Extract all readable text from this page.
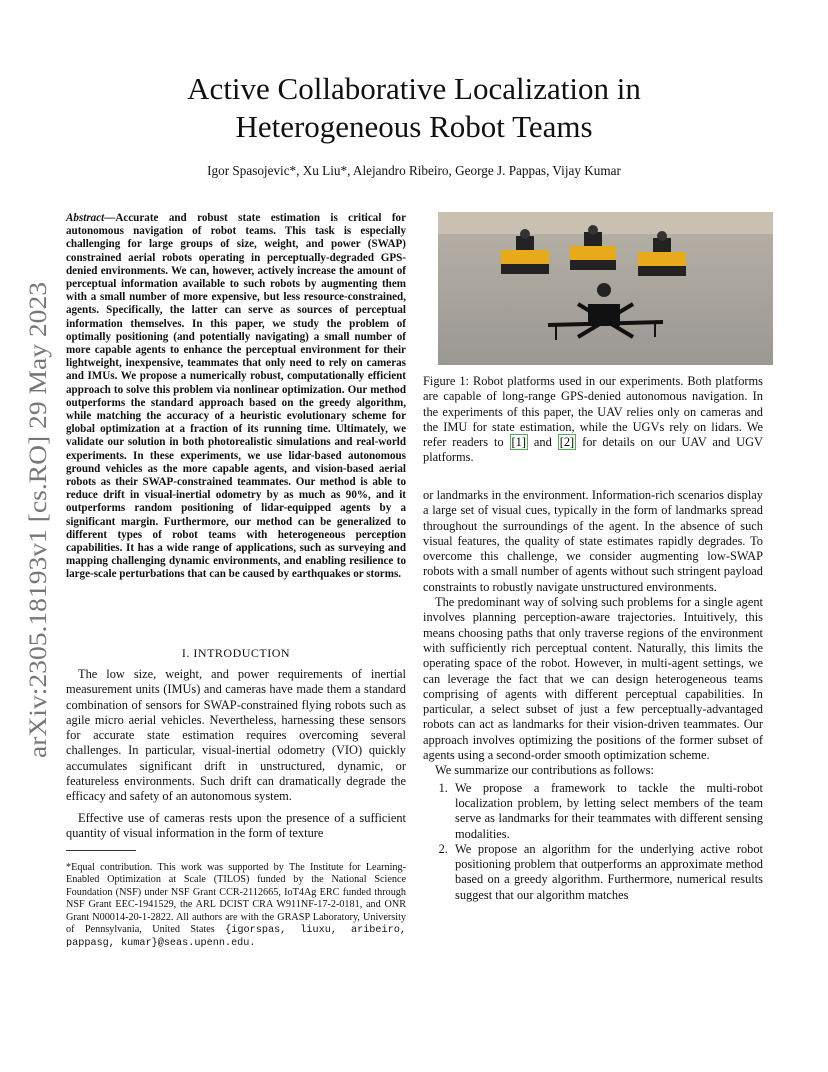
Active Collaborative Localization in Heterogeneous Robot Teams
Igor Spasojevic*, Xu Liu*, Alejandro Ribeiro, George J. Pappas, Vijay Kumar
arXiv:2305.18193v1 [cs.RO] 29 May 2023
Abstract—Accurate and robust state estimation is critical for autonomous navigation of robot teams. This task is especially challenging for large groups of size, weight, and power (SWAP) constrained aerial robots operating in perceptually-degraded GPS-denied environments. We can, however, actively increase the amount of perceptual information available to such robots by augmenting them with a small number of more expensive, but less resource-constrained, agents. Specifically, the latter can serve as sources of perceptual information themselves. In this paper, we study the problem of optimally positioning (and potentially navigating) a small number of more capable agents to enhance the perceptual environment for their lightweight, inexpensive, teammates that only need to rely on cameras and IMUs. We propose a numerically robust, computationally efficient approach to solve this problem via nonlinear optimization. Our method outperforms the standard approach based on the greedy algorithm, while matching the accuracy of a heuristic evolutionary scheme for global optimization at a fraction of its running time. Ultimately, we validate our solution in both photorealistic simulations and real-world experiments. In these experiments, we use lidar-based autonomous ground vehicles as the more capable agents, and vision-based aerial robots as their SWAP-constrained teammates. Our method is able to reduce drift in visual-inertial odometry by as much as 90%, and it outperforms random positioning of lidar-equipped agents by a significant margin. Furthermore, our method can be generalized to different types of robot teams with heterogeneous perception capabilities. It has a wide range of applications, such as surveying and mapping challenging dynamic environments, and enabling resilience to large-scale perturbations that can be caused by earthquakes or storms.
I. INTRODUCTION

The low size, weight, and power requirements of inertial measurement units (IMUs) and cameras have made them a standard combination of sensors for SWAP-constrained flying robots such as agile micro aerial vehicles. Nevertheless, harnessing these sensors for accurate state estimation requires overcoming several challenges. In particular, visual-inertial odometry (VIO) quickly accumulates significant drift in unstructured, dynamic, or featureless environments. Such drift can dramatically degrade the efficacy and safety of an autonomous system.

Effective use of cameras rests upon the presence of a sufficient quantity of visual information in the form of texture

*Equal contribution. This work was supported by The Institute for Learning-Enabled Optimization at Scale (TILOS) funded by the National Science Foundation (NSF) under NSF Grant CCR-2112665, IoT4Ag ERC funded through NSF Grant EEC-1941529, the ARL DCIST CRA W911NF-17-2-0181, and ONR Grant N00014-20-1-2822. All authors are with the GRASP Laboratory, University of Pennsylvania, United States {igorspas, liuxu, aribeiro, pappasg, kumar}@seas.upenn.edu.
Figure 1: Robot platforms used in our experiments. Both platforms are capable of long-range GPS-denied autonomous navigation. In the experiments of this paper, the UAV relies only on cameras and the IMU for state estimation, while the UGVs rely on lidars. We refer readers to [1] and [2] for details on our UAV and UGV platforms.

or landmarks in the environment. Information-rich scenarios display a large set of visual cues, typically in the form of landmarks spread throughout the surroundings of the agent. In the absence of such visual features, the quality of state estimates rapidly degrades. To overcome this challenge, we consider augmenting low-SWAP robots with a small number of agents without such stringent payload constraints to robustly navigate unstructured environments.

The predominant way of solving such problems for a single agent involves planning perception-aware trajectories. Intuitively, this means choosing paths that only traverse regions of the environment with sufficiently rich perceptual content. Naturally, this limits the operating space of the robot. However, in multi-agent settings, we can leverage the fact that we can design heterogeneous teams comprising of agents with different perceptual capabilities. In particular, a select subset of just a few perceptually-advantaged robots can act as landmarks for their vision-driven teammates. Our approach involves optimizing the positions of the former subset of agents using a second-order smooth optimization scheme.

We summarize our contributions as follows:

1. We propose a framework to tackle the multi-robot localization problem, by letting select members of the team serve as landmarks for their teammates with different sensing modalities.
2. We propose an algorithm for the underlying active robot positioning problem that outperforms an approximate method based on a greedy algorithm. Furthermore, numerical results suggest that our algorithm matches
